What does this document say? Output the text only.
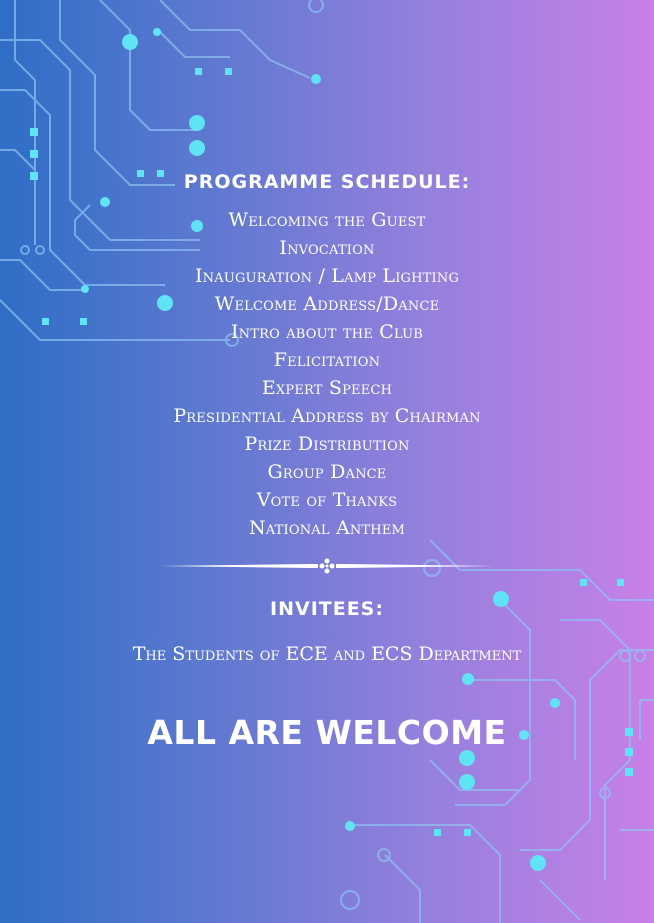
PROGRAMME SCHEDULE:
Welcoming the Guest
Invocation
Inauguration / Lamp Lighting
Welcome Address/Dance
Intro about the Club
Felicitation
Expert Speech
Presidential Address by Chairman
Prize Distribution
Group Dance
Vote of Thanks
National Anthem
INVITEES:
The Students of ECE and ECS Department
ALL ARE WELCOME
